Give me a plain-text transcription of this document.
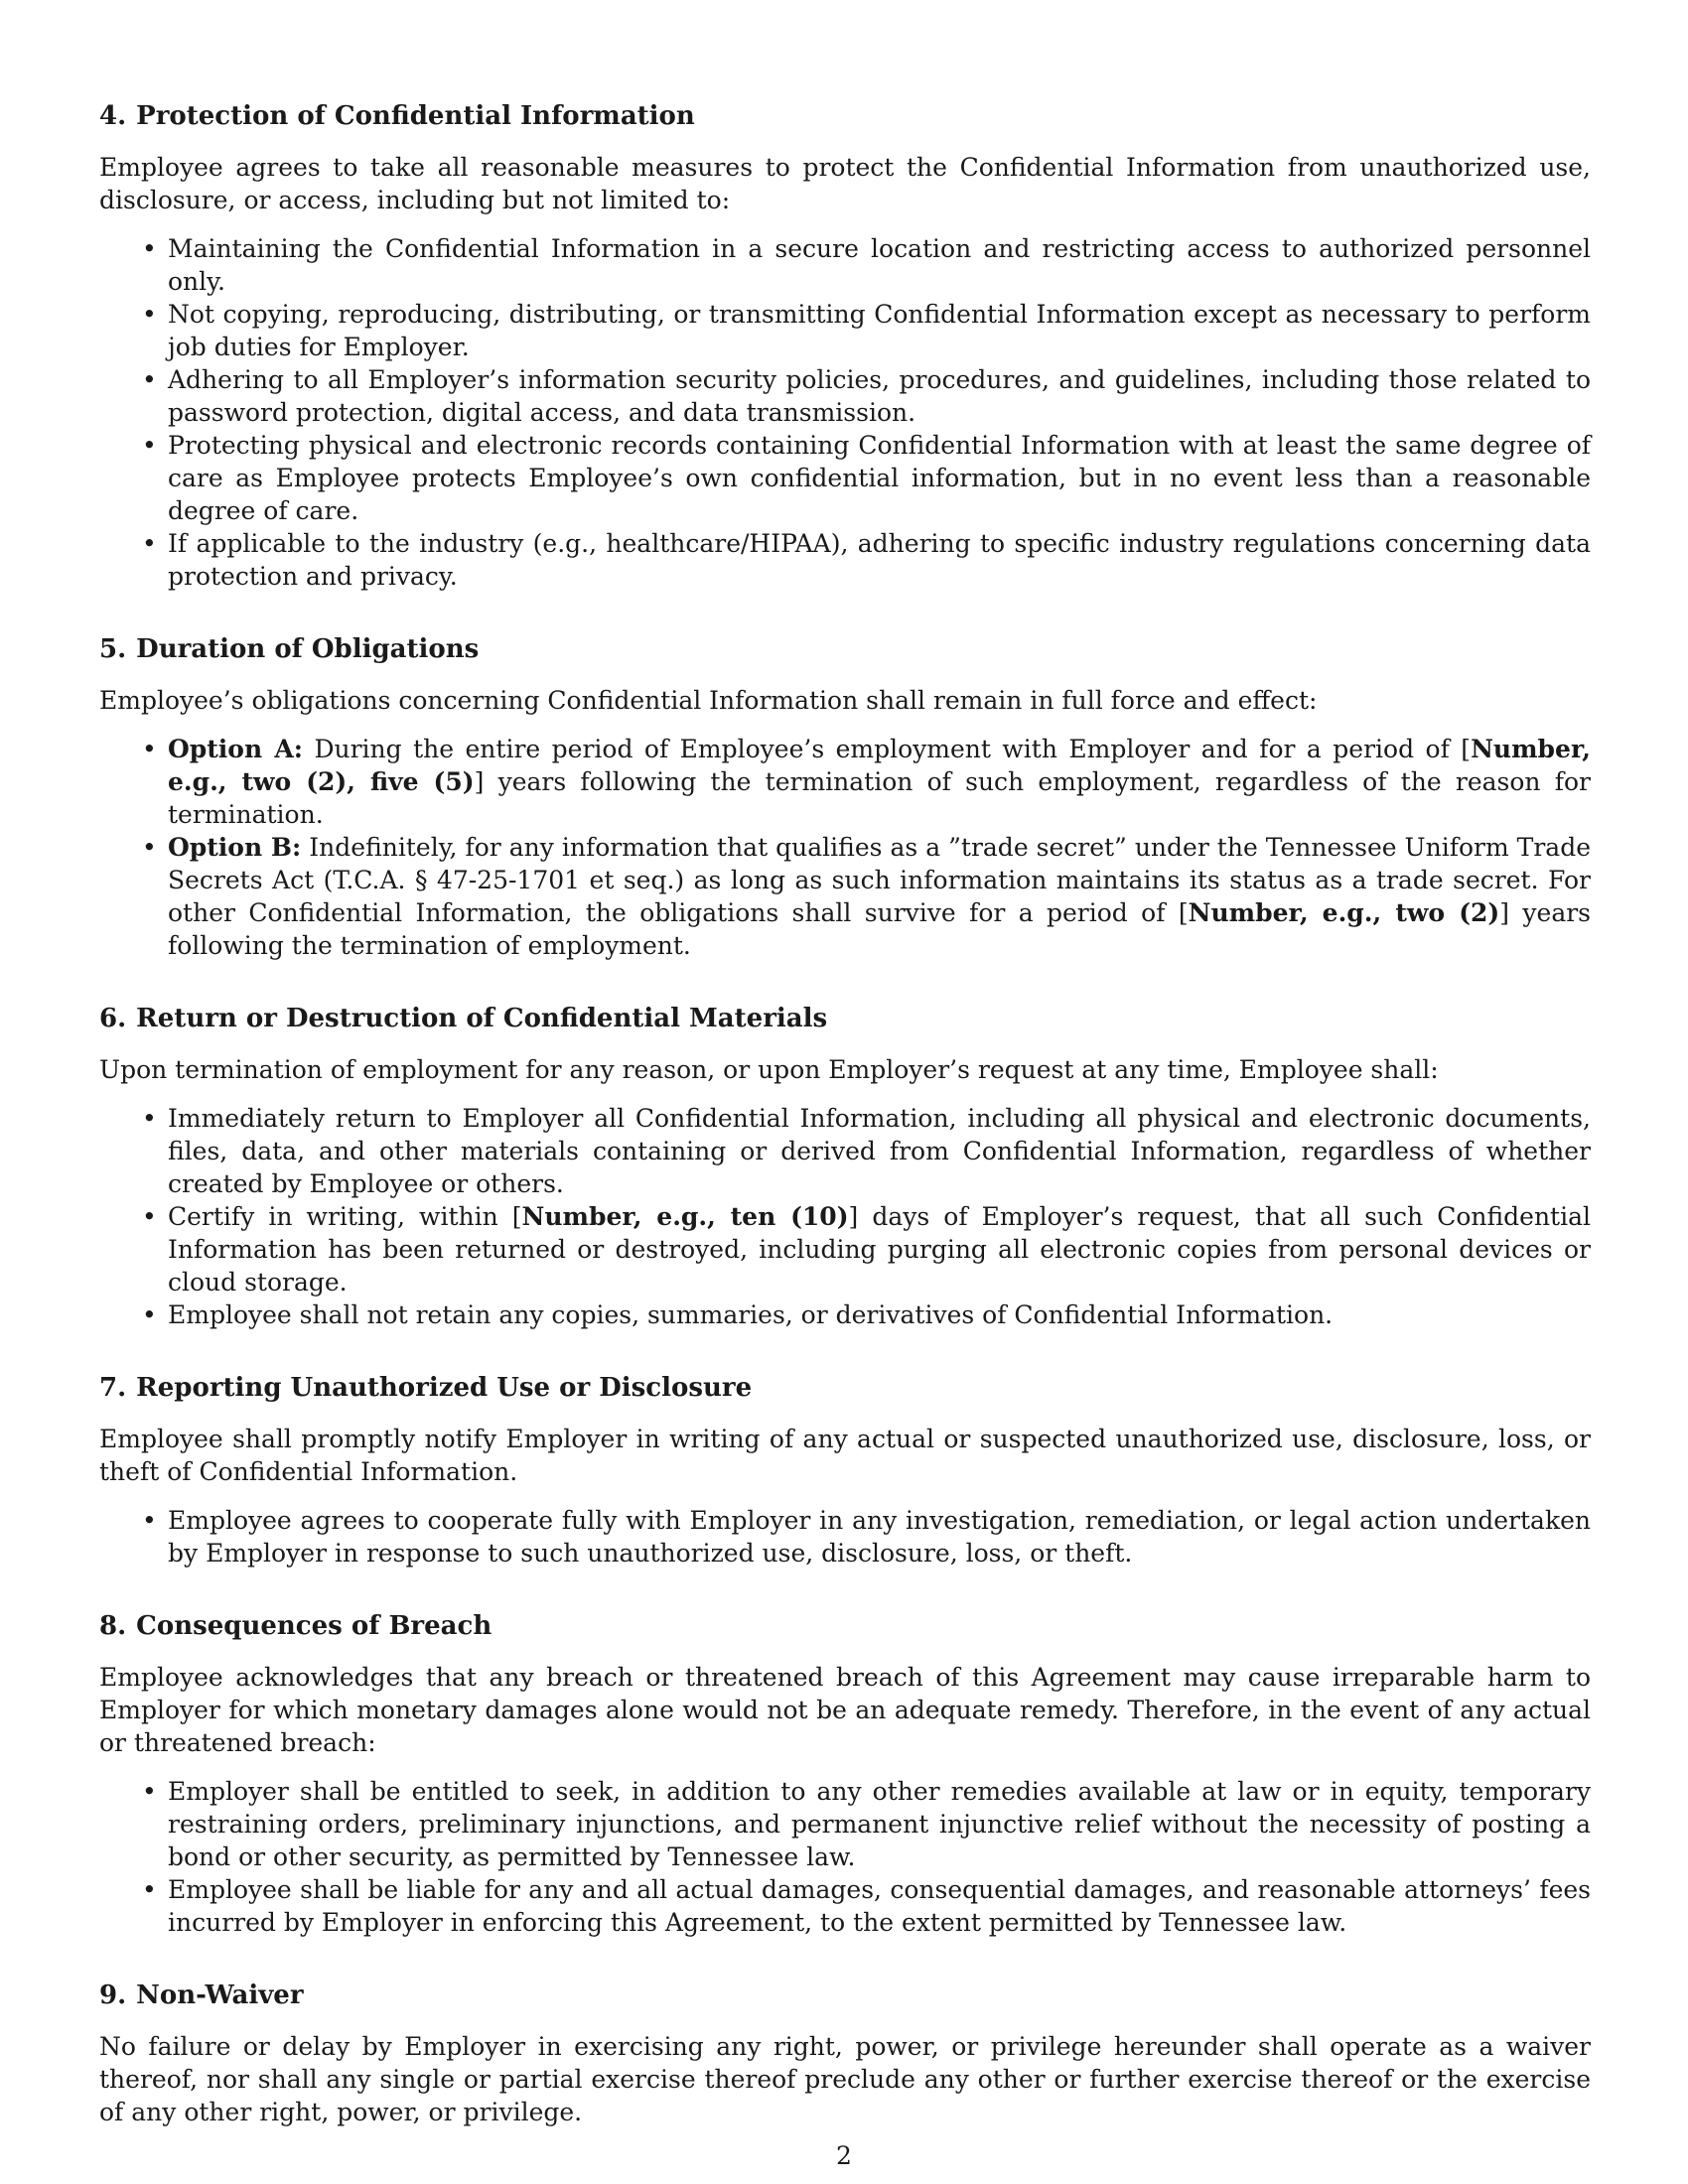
4. Protection of Confidential Information

Employee agrees to take all reasonable measures to protect the Confidential Information from unauthorized use, disclosure, or access, including but not limited to:

• Maintaining the Confidential Information in a secure location and restricting access to authorized personnel only.
• Not copying, reproducing, distributing, or transmitting Confidential Information except as necessary to perform job duties for Employer.
• Adhering to all Employer’s information security policies, procedures, and guidelines, including those related to password protection, digital access, and data transmission.
• Protecting physical and electronic records containing Confidential Information with at least the same degree of care as Employee protects Employee’s own confidential information, but in no event less than a reasonable degree of care.
• If applicable to the industry (e.g., healthcare/HIPAA), adhering to specific industry regulations concerning data protection and privacy.
5. Duration of Obligations

Employee’s obligations concerning Confidential Information shall remain in full force and effect:

• Option A: During the entire period of Employee’s employment with Employer and for a period of [Number, e.g., two (2), five (5)] years following the termination of such employment, regardless of the reason for termination.
• Option B: Indefinitely, for any information that qualifies as a ”trade secret” under the Tennessee Uniform Trade Secrets Act (T.C.A. § 47-25-1701 et seq.) as long as such information maintains its status as a trade secret. For other Confidential Information, the obligations shall survive for a period of [Number, e.g., two (2)] years following the termination of employment.
6. Return or Destruction of Confidential Materials

Upon termination of employment for any reason, or upon Employer’s request at any time, Employee shall:

• Immediately return to Employer all Confidential Information, including all physical and electronic documents, files, data, and other materials containing or derived from Confidential Information, regardless of whether created by Employee or others.
• Certify in writing, within [Number, e.g., ten (10)] days of Employer’s request, that all such Confidential Information has been returned or destroyed, including purging all electronic copies from personal devices or cloud storage.
• Employee shall not retain any copies, summaries, or derivatives of Confidential Information.
7. Reporting Unauthorized Use or Disclosure

Employee shall promptly notify Employer in writing of any actual or suspected unauthorized use, disclosure, loss, or theft of Confidential Information.

• Employee agrees to cooperate fully with Employer in any investigation, remediation, or legal action undertaken by Employer in response to such unauthorized use, disclosure, loss, or theft.
8. Consequences of Breach

Employee acknowledges that any breach or threatened breach of this Agreement may cause irreparable harm to Employer for which monetary damages alone would not be an adequate remedy. Therefore, in the event of any actual or threatened breach:

• Employer shall be entitled to seek, in addition to any other remedies available at law or in equity, temporary restraining orders, preliminary injunctions, and permanent injunctive relief without the necessity of posting a bond or other security, as permitted by Tennessee law.
• Employee shall be liable for any and all actual damages, consequential damages, and reasonable attorneys’ fees incurred by Employer in enforcing this Agreement, to the extent permitted by Tennessee law.
9. Non-Waiver

No failure or delay by Employer in exercising any right, power, or privilege hereunder shall operate as a waiver thereof, nor shall any single or partial exercise thereof preclude any other or further exercise thereof or the exercise of any other right, power, or privilege.

2
